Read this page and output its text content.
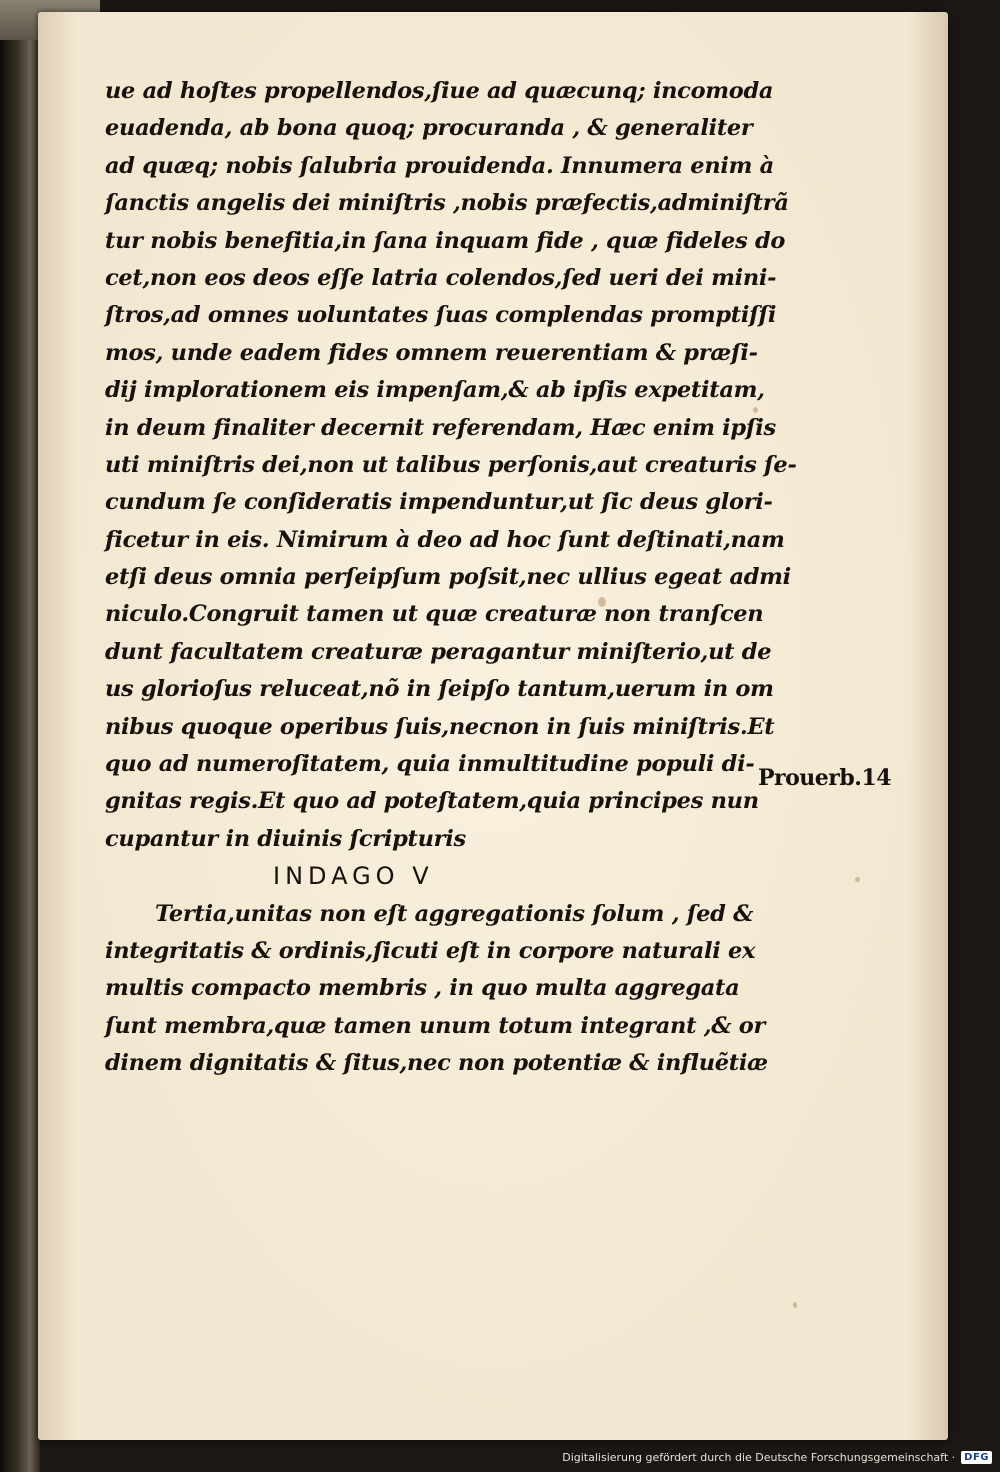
ue ad hoſtes propellendos,ſiue ad quæcunq; incomoda
euadenda, ab bona quoq; procuranda , & generaliter
ad quæq; nobis ſalubria prouidenda. Innumera enim à
ſanctis angelis dei miniſtris ,nobis præfectis,adminiſtrã
tur nobis benefitia,in ſana inquam fide , quæ fideles do
cet,non eos deos eſſe latria colendos,ſed ueri dei mini-
ſtros,ad omnes uoluntates ſuas complendas promptiſſi
mos, unde eadem fides omnem reuerentiam & præſi-
dij implorationem eis impenſam,& ab ipſis expetitam,
in deum finaliter decernit referendam, Hæc enim ipſis
uti miniſtris dei,non ut talibus perſonis,aut creaturis ſe-
cundum ſe conſideratis impenduntur,ut ſic deus glori-
ficetur in eis. Nimirum à deo ad hoc ſunt deſtinati,nam
etſi deus omnia perſeipſum poſsit,nec ullius egeat admi
niculo.Congruit tamen ut quæ creaturæ non tranſcen
dunt facultatem creaturæ peragantur miniſterio,ut de
us glorioſus reluceat,nõ in ſeipſo tantum,uerum in om
nibus quoque operibus ſuis,necnon in ſuis miniſtris.Et
quo ad numeroſitatem, quia inmultitudine populi di-
gnitas regis.Et quo ad poteſtatem,quia principes nun
cupantur in diuinis ſcripturis
INDAGO V
Tertia,unitas non eſt aggregationis ſolum , ſed &
integritatis & ordinis,ſicuti eſt in corpore naturali ex
multis compacto membris , in quo multa aggregata
ſunt membra,quæ tamen unum totum integrant ,& or
dinem dignitatis & ſitus,nec non potentiæ & influẽtiæ
Prouerb.14
Digitalisierung gefördert durch die Deutsche Forschungsgemeinschaft · DFG
